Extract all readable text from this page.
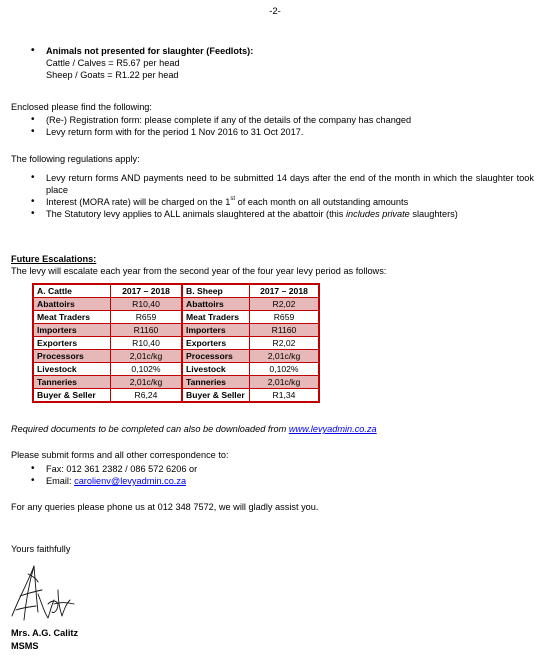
-2-
• Animals not presented for slaughter (Feedlots):
Cattle / Calves = R5.67 per head
Sheep / Goats = R1.22 per head
Enclosed please find the following:
• (Re-) Registration form: please complete if any of the details of the company has changed
• Levy return form with for the period 1 Nov 2016 to 31 Oct 2017.
The following regulations apply:
• Levy return forms AND payments need to be submitted 14 days after the end of the month in which the slaughter took place
• Interest (MORA rate) will be charged on the 1st of each month on all outstanding amounts
• The Statutory levy applies to ALL animals slaughtered at the abattoir (this includes private slaughters)
Future Escalations:
The levy will escalate each year from the second year of the four year levy period as follows:
A. Cattle	2017 – 2018	B. Sheep	2017 – 2018
Abattoirs	R10,40	Abattoirs	R2,02
Meat Traders	R659	Meat Traders	R659
Importers	R1160	Importers	R1160
Exporters	R10,40	Exporters	R2,02
Processors	2,01c/kg	Processors	2,01c/kg
Livestock	0,102%	Livestock	0,102%
Tanneries	2,01c/kg	Tanneries	2,01c/kg
Buyer & Seller	R6,24	Buyer & Seller	R1,34
Required documents to be completed can also be downloaded from www.levyadmin.co.za
Please submit forms and all other correspondence to:
• Fax: 012 361 2382 / 086 572 6206 or
• Email: carolienv@levyadmin.co.za
For any queries please phone us at 012 348 7572, we will gladly assist you.
Yours faithfully
Mrs. A.G. Calitz
MSMS
